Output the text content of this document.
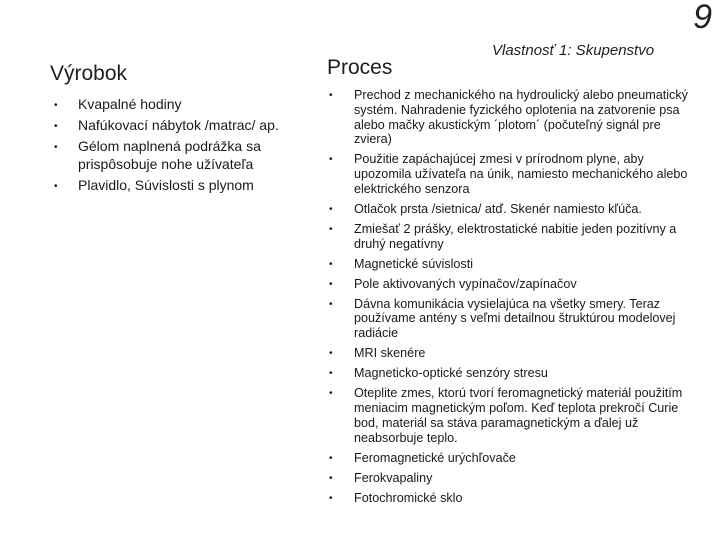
9
Vlastnosť 1: Skupenstvo
Výrobok
• Kvapalné hodiny
• Nafúkovací nábytok /matrac/ ap.
• Gélom naplnená podrážka sa prispôsobuje nohe užívateľa
• Plavidlo, Súvislosti s plynom
Proces
• Prechod z mechanického na hydroulický alebo pneumatický systém. Nahradenie fyzického oplotenia na zatvorenie psa alebo mačky akustickým ´plotom´ (počuteľný signál pre zviera)
• Použitie zapáchajúcej zmesi v prírodnom plyne, aby upozomila užívateľa na únik, namiesto mechanického alebo elektrického senzora
• Otlačok prsta /sietnica/ atď. Skenér namiesto kľúča.
• Zmiešať 2 prášky, elektrostatické nabitie jeden pozitívny a druhý negatívny
• Magnetické súvislosti
• Pole aktivovaných vypínačov/zapínačov
• Dávna komunikácia vysielajúca na všetky smery. Teraz používame antény s veľmi detailnou štruktúrou modelovej radiácie
• MRI skenére
• Magneticko-optické senzóry stresu
• Oteplite zmes, ktorú tvorí feromagnetický materiál použitím meniacim magnetickým poľom. Keď teplota prekročí Curie bod, materiál sa stáva paramagnetickým a ďalej už neabsorbuje teplo.
• Feromagnetické urýchľovače
• Ferokvapaliny
• Fotochromické sklo
